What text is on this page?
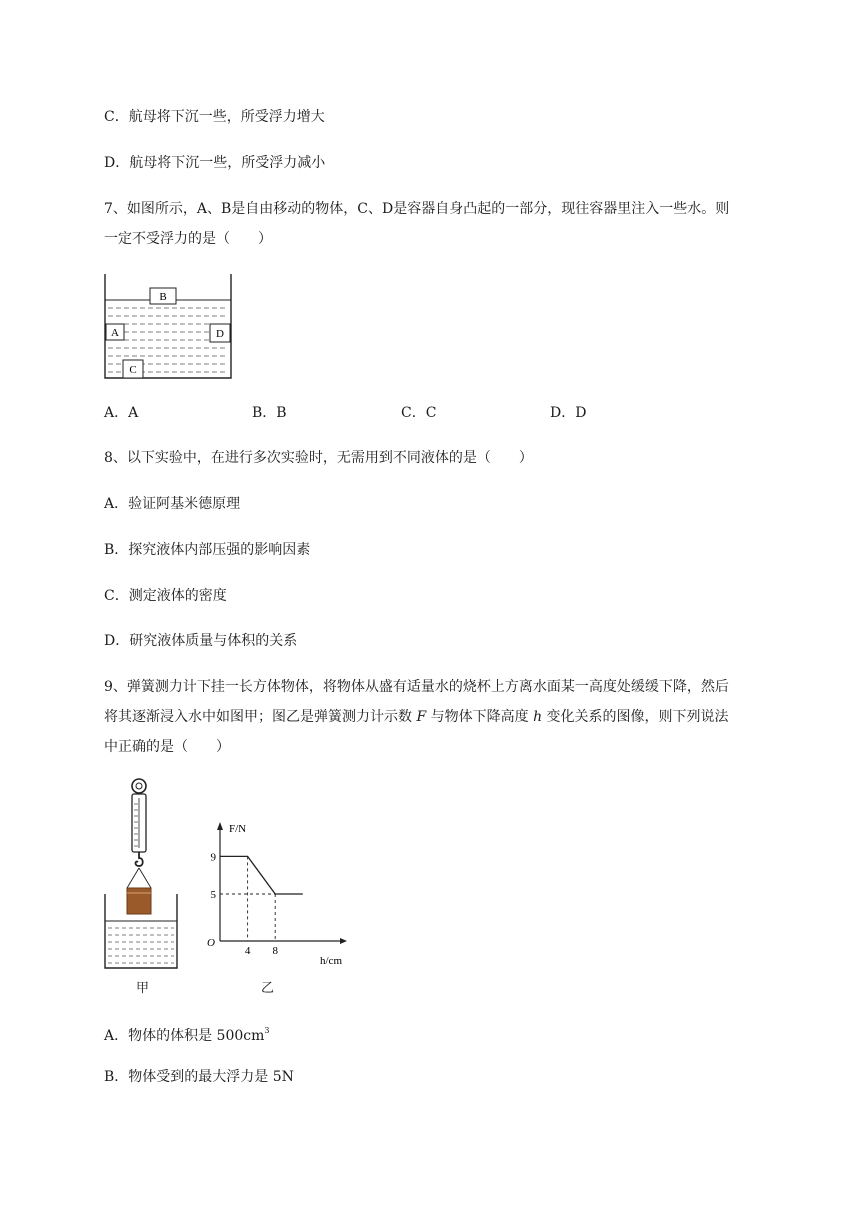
C．航母将下沉一些，所受浮力增大
D．航母将下沉一些，所受浮力减小
7、如图所示，A、B是自由移动的物体，C、D是容器自身凸起的一部分，现往容器里注入一些水。则
一定不受浮力的是（　　）
B
A	D
C
A．A	B．B	C．C	D．D
8、以下实验中，在进行多次实验时，无需用到不同液体的是（　　）
A．验证阿基米德原理
B．探究液体内部压强的影响因素
C．测定液体的密度
D．研究液体质量与体积的关系
9、弹簧测力计下挂一长方体物体，将物体从盛有适量水的烧杯上方离水面某一高度处缓缓下降，然后
将其逐渐浸入水中如图甲；图乙是弹簧测力计示数 F 与物体下降高度 h 变化关系的图像，则下列说法
中正确的是（　　）
甲
9
5
4 8
O
F/N
h/cm
乙
A．物体的体积是 $500cm^3$
B．物体受到的最大浮力是 5N
